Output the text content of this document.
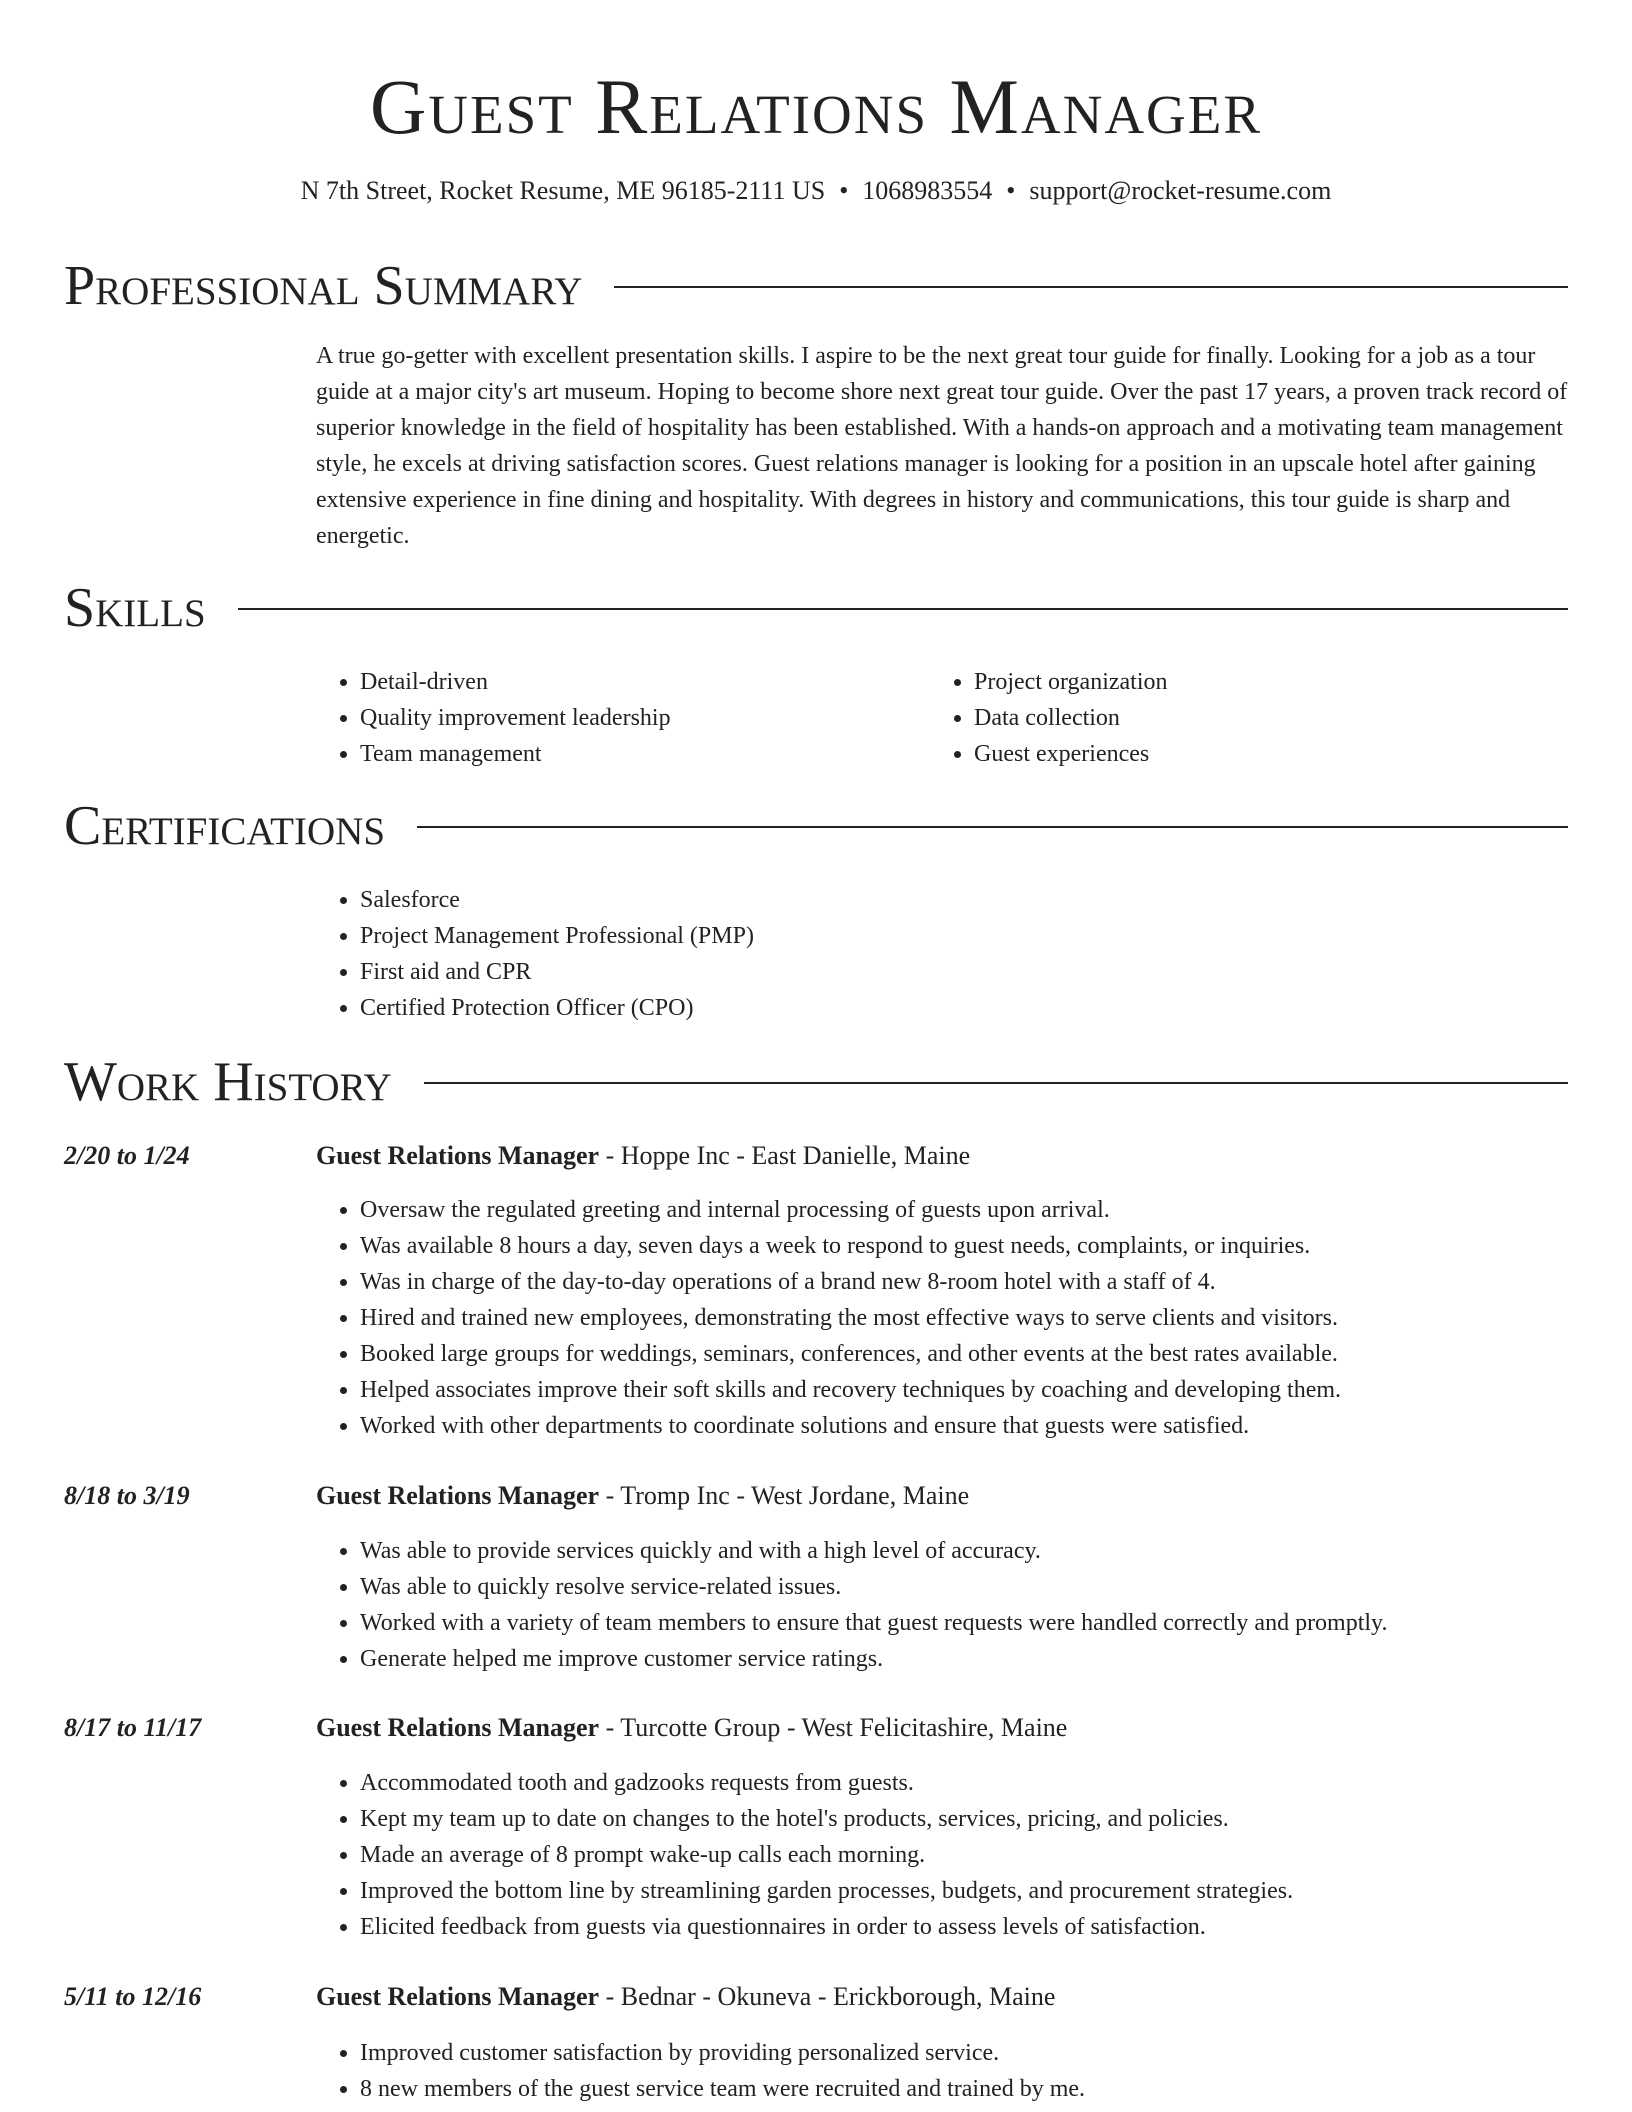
Guest Relations Manager
N 7th Street, Rocket Resume, ME 96185-2111 US • 1068983554 • support@rocket-resume.com
Professional Summary

A true go-getter with excellent presentation skills. I aspire to be the next great tour guide for finally. Looking for a job as a tour guide at a major city's art museum. Hoping to become shore next great tour guide. Over the past 17 years, a proven track record of superior knowledge in the field of hospitality has been established. With a hands-on approach and a motivating team management style, he excels at driving satisfaction scores. Guest relations manager is looking for a position in an upscale hotel after gaining extensive experience in fine dining and hospitality. With degrees in history and communications, this tour guide is sharp and energetic.

Skills
• Detail-driven
• Quality improvement leadership
• Team management
• Project organization
• Data collection
• Guest experiences
Certifications
• Salesforce
• Project Management Professional (PMP)
• First aid and CPR
• Certified Protection Officer (CPO)
Work History
2/20 to 1/24	Guest Relations Manager - Hoppe Inc - East Danielle, Maine
• Oversaw the regulated greeting and internal processing of guests upon arrival.
• Was available 8 hours a day, seven days a week to respond to guest needs, complaints, or inquiries.
• Was in charge of the day-to-day operations of a brand new 8-room hotel with a staff of 4.
• Hired and trained new employees, demonstrating the most effective ways to serve clients and visitors.
• Booked large groups for weddings, seminars, conferences, and other events at the best rates available.
• Helped associates improve their soft skills and recovery techniques by coaching and developing them.
• Worked with other departments to coordinate solutions and ensure that guests were satisfied.
8/18 to 3/19	Guest Relations Manager - Tromp Inc - West Jordane, Maine
• Was able to provide services quickly and with a high level of accuracy.
• Was able to quickly resolve service-related issues.
• Worked with a variety of team members to ensure that guest requests were handled correctly and promptly.
• Generate helped me improve customer service ratings.
8/17 to 11/17	Guest Relations Manager - Turcotte Group - West Felicitashire, Maine
• Accommodated tooth and gadzooks requests from guests.
• Kept my team up to date on changes to the hotel's products, services, pricing, and policies.
• Made an average of 8 prompt wake-up calls each morning.
• Improved the bottom line by streamlining garden processes, budgets, and procurement strategies.
• Elicited feedback from guests via questionnaires in order to assess levels of satisfaction.
5/11 to 12/16	Guest Relations Manager - Bednar - Okuneva - Erickborough, Maine
• Improved customer satisfaction by providing personalized service.
• 8 new members of the guest service team were recruited and trained by me.
